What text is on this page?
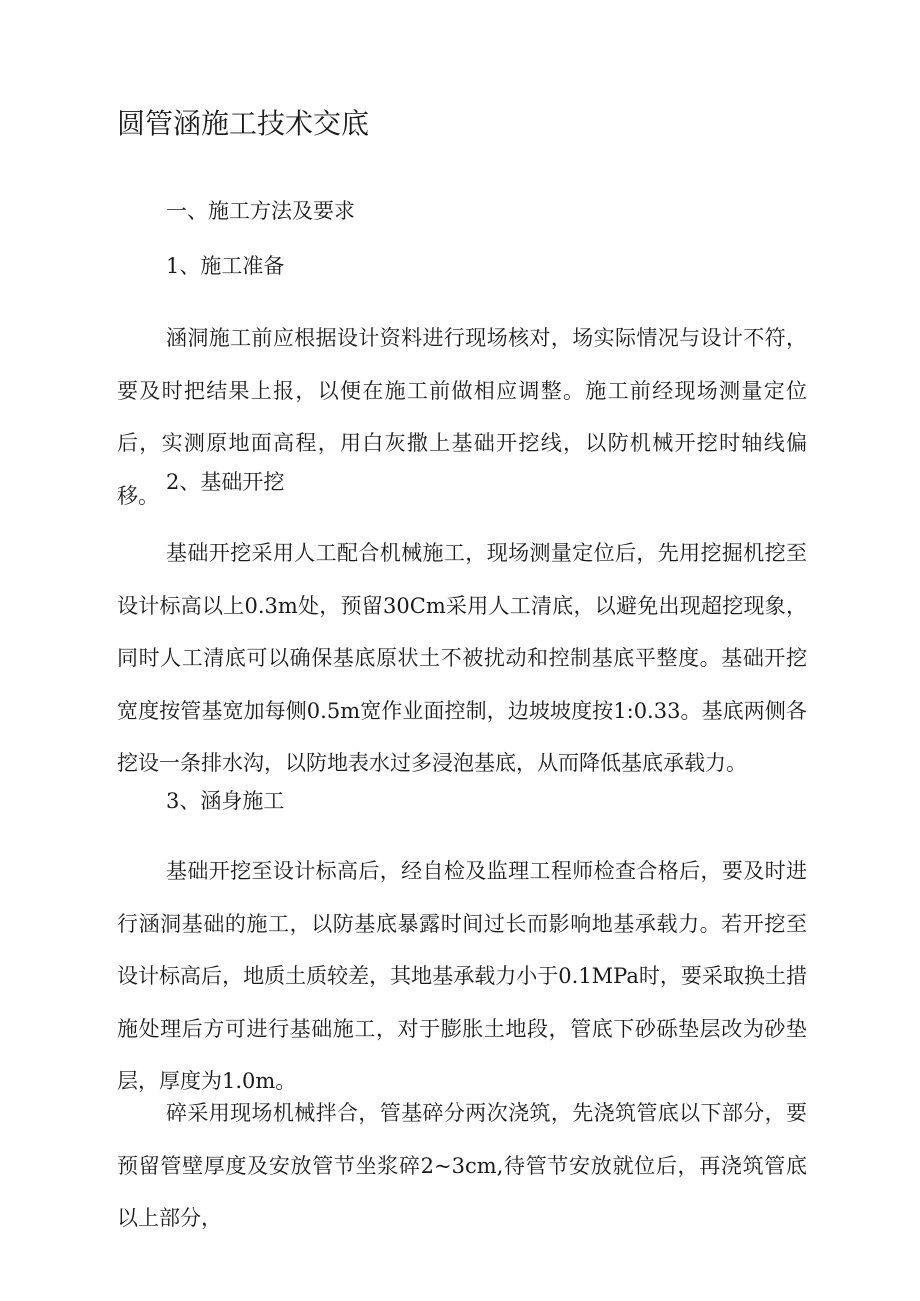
圆管涵施工技术交底
一、施工方法及要求
1、施工准备

涵洞施工前应根据设计资料进行现场核对，场实际情况与设计不符，要及时把结果上报，以便在施工前做相应调整。施工前经现场测量定位后，实测原地面高程，用白灰撒上基础开挖线，以防机械开挖时轴线偏移。

2、基础开挖

基础开挖采用人工配合机械施工，现场测量定位后，先用挖掘机挖至设计标高以上0.3m处，预留30Cm采用人工清底，以避免出现超挖现象，同时人工清底可以确保基底原状土不被扰动和控制基底平整度。基础开挖宽度按管基宽加每侧0.5m宽作业面控制，边坡坡度按1:0.33。基底两侧各挖设一条排水沟，以防地表水过多浸泡基底，从而降低基底承载力。

3、涵身施工

基础开挖至设计标高后，经自检及监理工程师检查合格后，要及时进行涵洞基础的施工，以防基底暴露时间过长而影响地基承载力。若开挖至设计标高后，地质土质较差，其地基承载力小于0.1MPa时，要采取换土措施处理后方可进行基础施工，对于膨胀土地段，管底下砂砾垫层改为砂垫层，厚度为1.0m。

碎采用现场机械拌合，管基碎分两次浇筑，先浇筑管底以下部分，要预留管壁厚度及安放管节坐浆碎2~3cm,待管节安放就位后，再浇筑管底以上部分，
